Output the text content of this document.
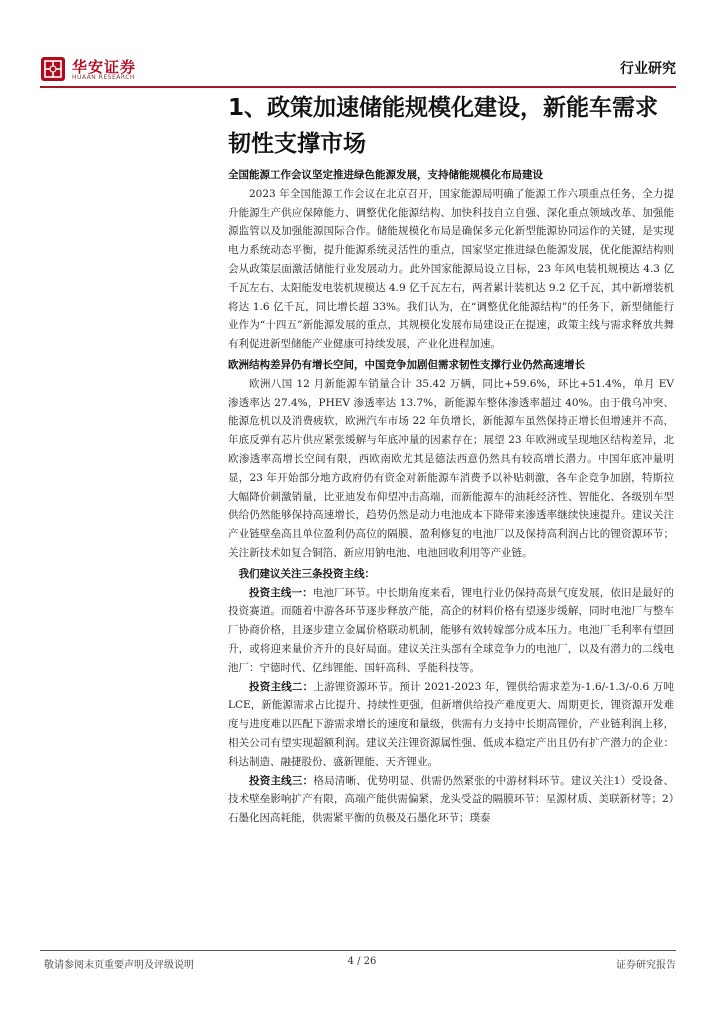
华安证券
HUAAN RESEARCH
行业研究
1、政策加速储能规模化建设，新能车需求韧性支撑市场

全国能源工作会议坚定推进绿色能源发展，支持储能规模化布局建设

2023 年全国能源工作会议在北京召开，国家能源局明确了能源工作六项重点任务，全力提升能源生产供应保障能力、调整优化能源结构、加快科技自立自强、深化重点领域改革、加强能源监管以及加强能源国际合作。储能规模化布局是确保多元化新型能源协同运作的关键，是实现电力系统动态平衡，提升能源系统灵活性的重点，国家坚定推进绿色能源发展，优化能源结构则会从政策层面激活储能行业发展动力。此外国家能源局设立目标，23 年风电装机规模达 4.3 亿千瓦左右、太阳能发电装机规模达 4.9 亿千瓦左右，两者累计装机达 9.2 亿千瓦，其中新增装机将达 1.6 亿千瓦，同比增长超 33%。我们认为，在“调整优化能源结构”的任务下，新型储能行业作为“十四五”新能源发展的重点，其规模化发展布局建设正在提速，政策主线与需求释放共舞有利促进新型储能产业健康可持续发展，产业化进程加速。

欧洲结构差异仍有增长空间，中国竞争加剧但需求韧性支撑行业仍然高速增长

欧洲八国 12 月新能源车销量合计 35.42 万辆，同比+59.6%，环比+51.4%，单月 EV 渗透率达 27.4%，PHEV 渗透率达 13.7%，新能源车整体渗透率超过 40%。由于俄乌冲突、能源危机以及消费疲软，欧洲汽车市场 22 年负增长，新能源车虽然保持正增长但增速并不高，年底反弹有芯片供应紧张缓解与年底冲量的因素存在；展望 23 年欧洲或呈现地区结构差异，北欧渗透率高增长空间有限，西欧南欧尤其是德法西意仍然具有较高增长潜力。中国年底冲量明显，23 年开始部分地方政府仍有资金对新能源车消费予以补贴刺激，各车企竞争加剧，特斯拉大幅降价刺激销量，比亚迪发布仰望冲击高端，而新能源车的油耗经济性、智能化、各级别车型供给仍然能够保持高速增长，趋势仍然是动力电池成本下降带来渗透率继续快速提升。建议关注产业链壁垒高且单位盈利仍高位的隔膜、盈利修复的电池厂以及保持高利润占比的锂资源环节；关注新技术如复合铜箔、新应用钠电池、电池回收利用等产业链。

我们建议关注三条投资主线：

投资主线一：电池厂环节。中长期角度来看，锂电行业仍保持高景气度发展，依旧是最好的投资赛道。而随着中游各环节逐步释放产能，高企的材料价格有望逐步缓解，同时电池厂与整车厂协商价格，且逐步建立金属价格联动机制，能够有效转嫁部分成本压力。电池厂毛利率有望回升，或将迎来量价齐升的良好局面。建议关注头部有全球竞争力的电池厂，以及有潜力的二线电池厂：宁德时代、亿纬锂能、国轩高科、孚能科技等。

投资主线二：上游锂资源环节。预计 2021-2023 年，锂供给需求差为-1.6/-1.3/-0.6 万吨 LCE，新能源需求占比提升、持续性更强，但新增供给投产难度更大、周期更长，锂资源开发难度与进度难以匹配下游需求增长的速度和量级，供需有力支持中长期高锂价，产业链利润上移，相关公司有望实现超额利润。建议关注锂资源属性强、低成本稳定产出且仍有扩产潜力的企业：科达制造、融捷股份、盛新锂能、天齐锂业。

投资主线三：格局清晰、优势明显、供需仍然紧张的中游材料环节。建议关注1）受设备、技术壁垒影响扩产有限，高端产能供需偏紧，龙头受益的隔膜环节：星源材质、美联新材等；2）石墨化因高耗能，供需紧平衡的负极及石墨化环节；璞泰

敬请参阅末页重要声明及评级说明	4 / 26	证券研究报告
